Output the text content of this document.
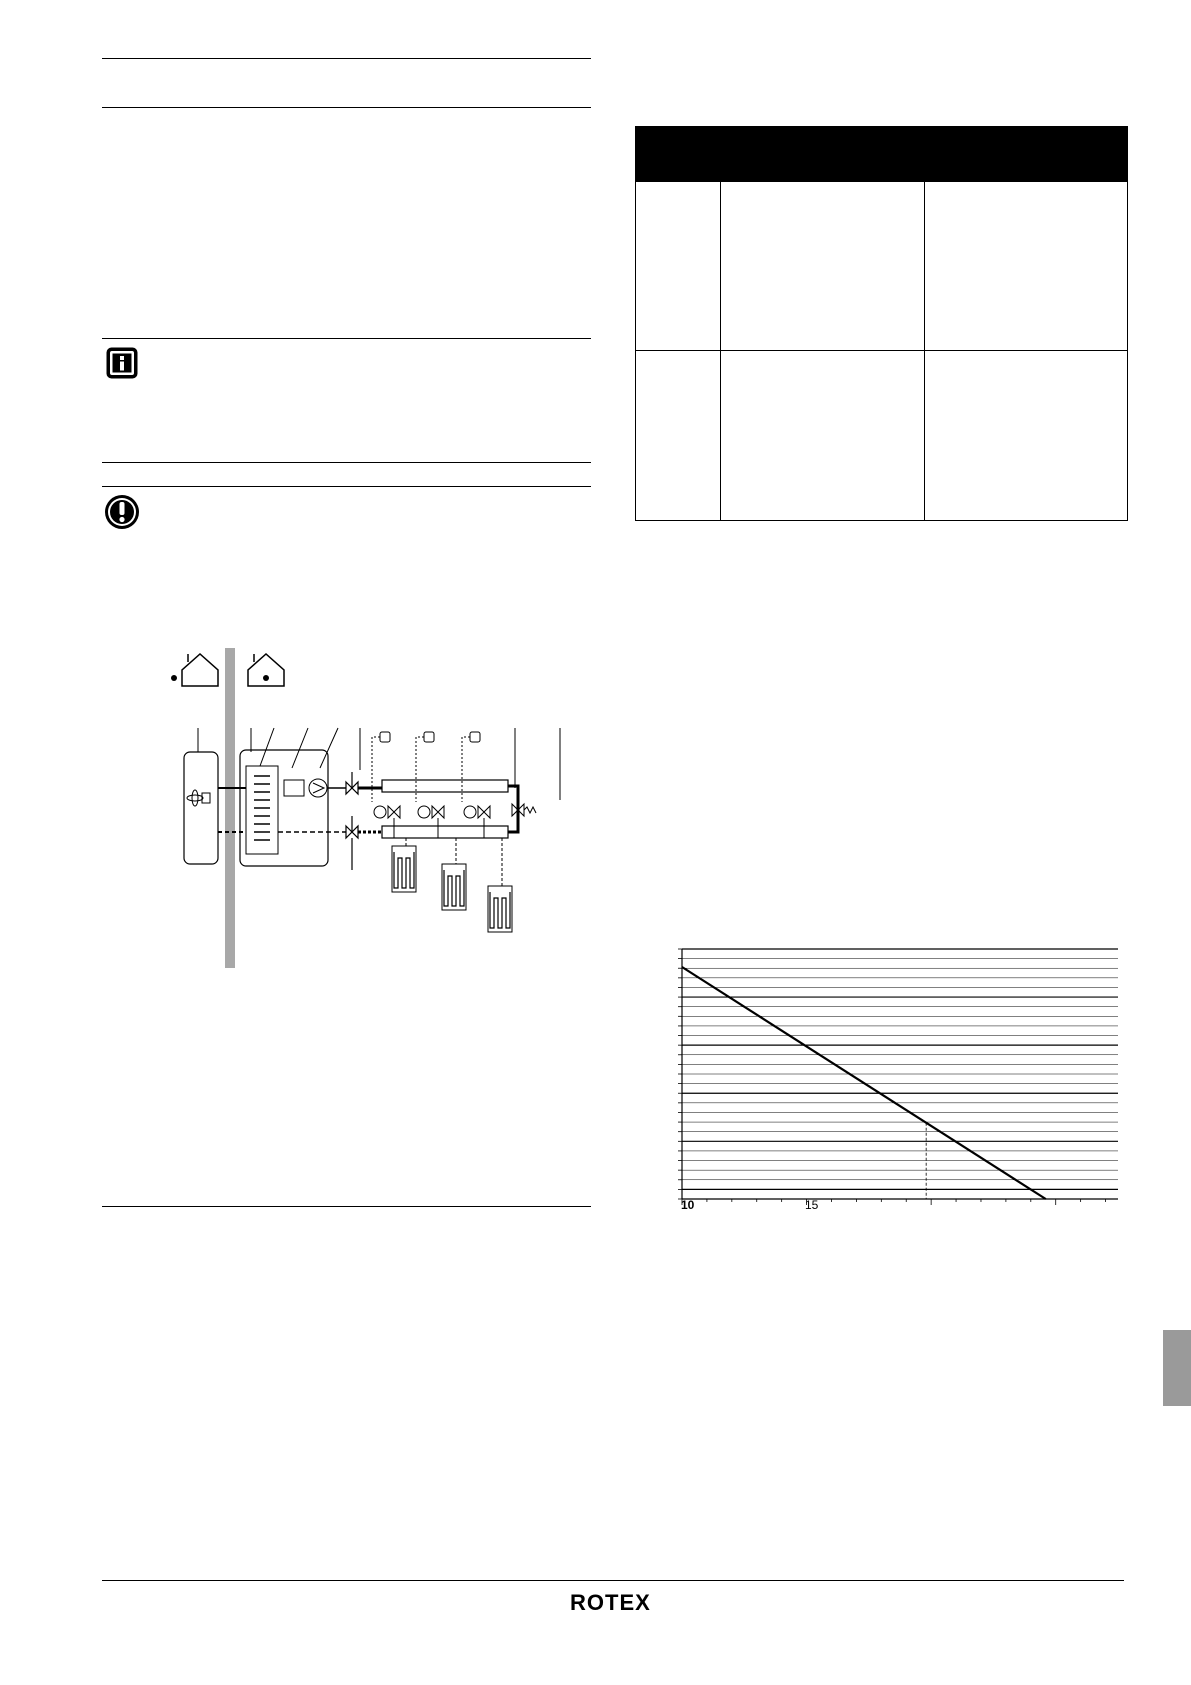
10	15
ROTEX
